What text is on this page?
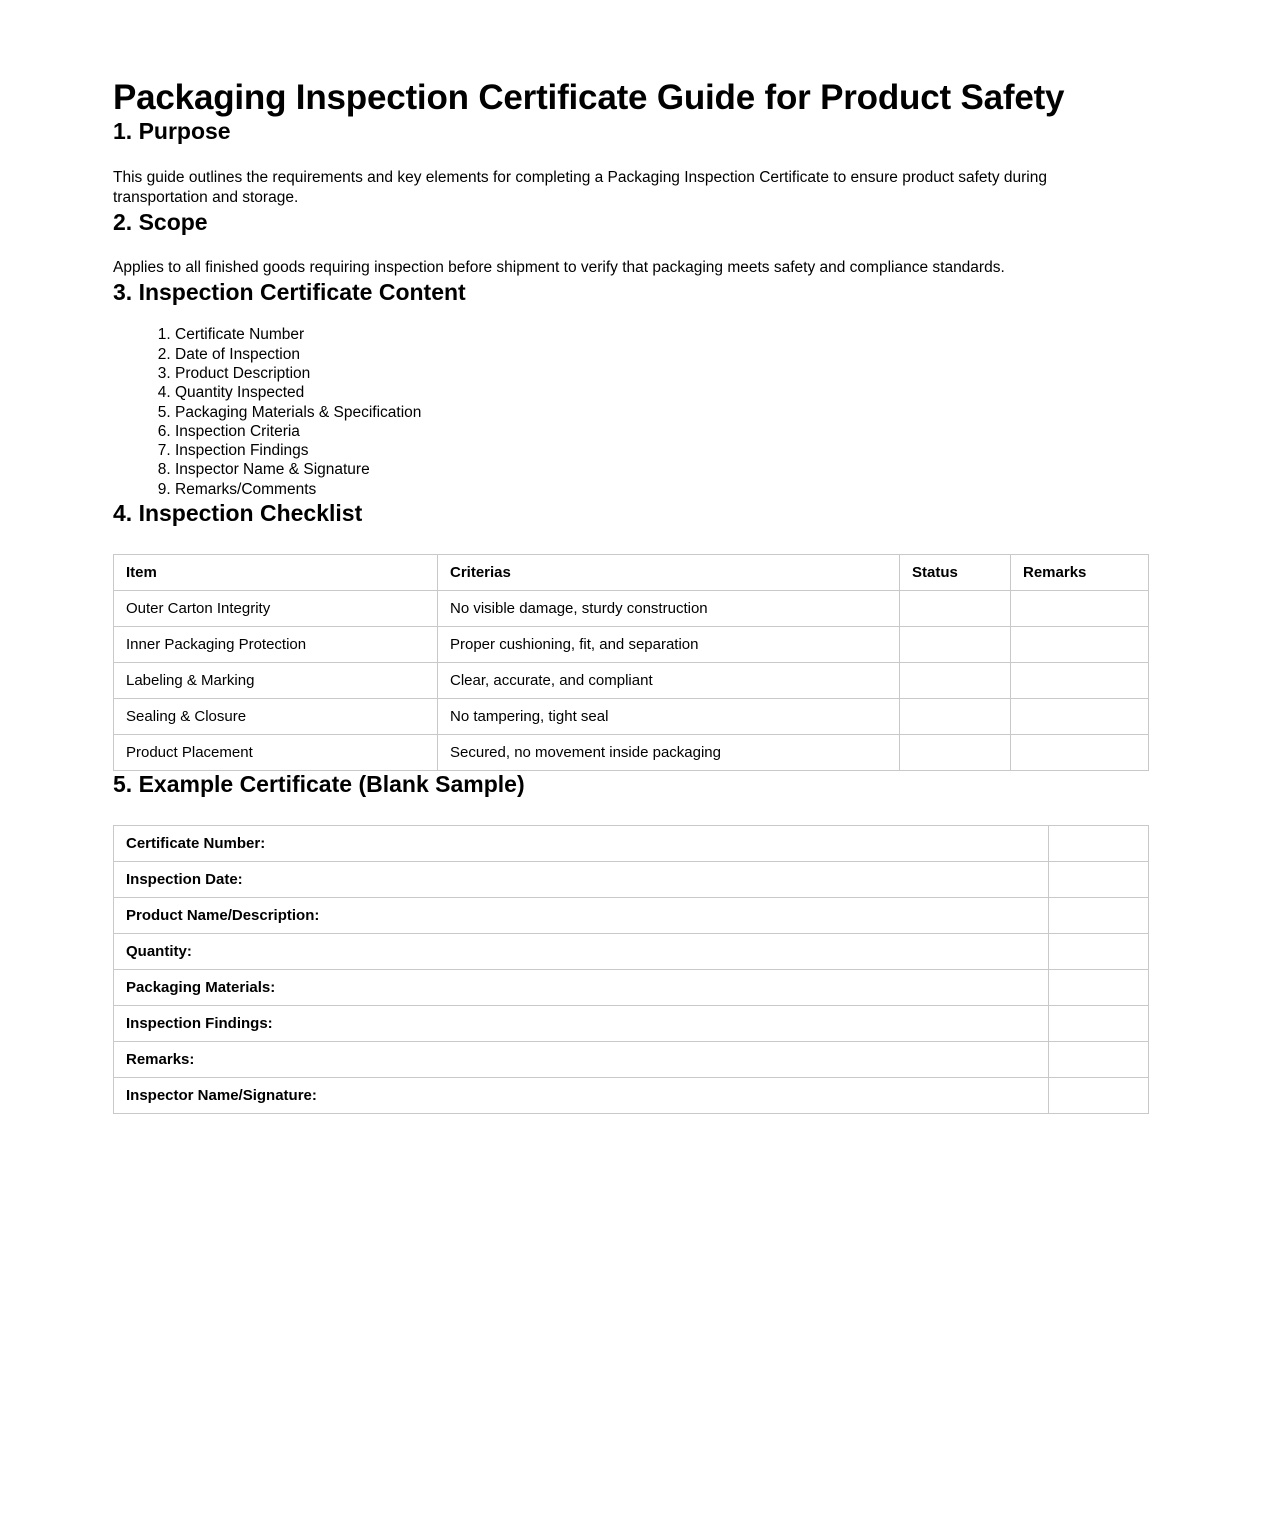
Packaging Inspection Certificate Guide for Product Safety
1. Purpose

This guide outlines the requirements and key elements for completing a Packaging Inspection Certificate to ensure product safety during transportation and storage.

2. Scope

Applies to all finished goods requiring inspection before shipment to verify that packaging meets safety and compliance standards.

3. Inspection Certificate Content
1. Certificate Number
2. Date of Inspection
3. Product Description
4. Quantity Inspected
5. Packaging Materials & Specification
6. Inspection Criteria
7. Inspection Findings
8. Inspector Name & Signature
9. Remarks/Comments
4. Inspection Checklist
Item	Criterias	Status	Remarks
Outer Carton Integrity	No visible damage, sturdy construction		
Inner Packaging Protection	Proper cushioning, fit, and separation		
Labeling & Marking	Clear, accurate, and compliant		
Sealing & Closure	No tampering, tight seal		
Product Placement	Secured, no movement inside packaging		
5. Example Certificate (Blank Sample)
Certificate Number:	
Inspection Date:	
Product Name/Description:	
Quantity:	
Packaging Materials:	
Inspection Findings:	
Remarks:	
Inspector Name/Signature:	
